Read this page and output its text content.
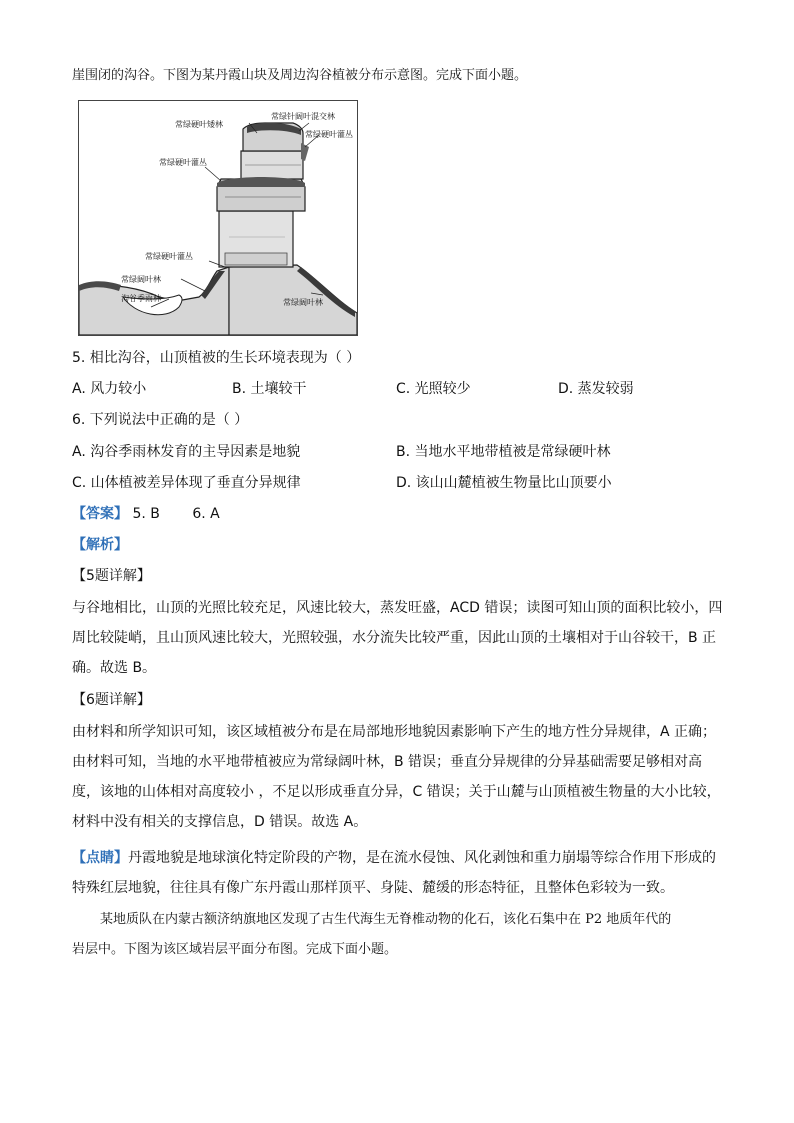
崖围闭的沟谷。下图为某丹霞山块及周边沟谷植被分布示意图。完成下面小题。
常绿硬叶矮林
常绿针阔叶混交林
常绿硬叶灌丛
常绿硬叶灌丛
常绿硬叶灌丛
常绿阔叶林
沟谷季雨林	常绿阔叶林
5. 相比沟谷，山顶植被的生长环境表现为（ ）
A. 风力较小	B. 土壤较干	C. 光照较少	D. 蒸发较弱
6. 下列说法中正确的是（ ）
A. 沟谷季雨林发育的主导因素是地貌	B. 当地水平地带植被是常绿硬叶林
C. 山体植被差异体现了垂直分异规律	D. 该山山麓植被生物量比山顶要小
【答案】 5. B 6. A
【解析】
【5题详解】
与谷地相比，山顶的光照比较充足，风速比较大，蒸发旺盛，ACD 错误；读图可知山顶的面积比较小，四周比较陡峭，且山顶风速比较大，光照较强，水分流失比较严重，因此山顶的土壤相对于山谷较干，B 正确。故选 B。
【6题详解】
由材料和所学知识可知，该区域植被分布是在局部地形地貌因素影响下产生的地方性分异规律，A 正确；由材料可知，当地的水平地带植被应为常绿阔叶林，B 错误；垂直分异规律的分异基础需要足够相对高度，该地的山体相对高度较小 ，不足以形成垂直分异，C 错误；关于山麓与山顶植被生物量的大小比较，材料中没有相关的支撑信息，D 错误。故选 A。
【点睛】丹霞地貌是地球演化特定阶段的产物，是在流水侵蚀、风化剥蚀和重力崩塌等综合作用下形成的特殊红层地貌，往往具有像广东丹霞山那样顶平、身陡、麓缓的形态特征，且整体色彩较为一致。
某地质队在内蒙古额济纳旗地区发现了古生代海生无脊椎动物的化石，该化石集中在 P2 地质年代的
岩层中。下图为该区域岩层平面分布图。完成下面小题。
